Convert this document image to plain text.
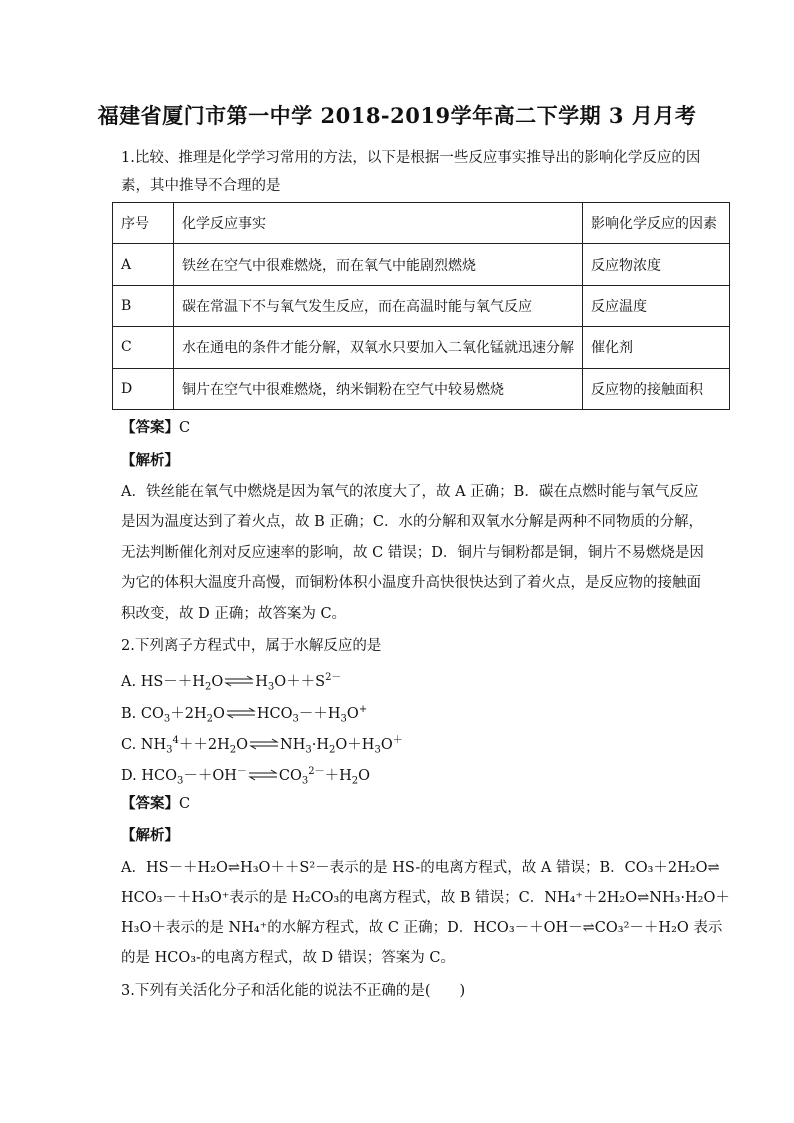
福建省厦门市第一中学 2018-2019学年高二下学期 3 月月考
1.比较、推理是化学学习常用的方法，以下是根据一些反应事实推导出的影响化学反应的因
素，其中推导不合理的是
序号	化学反应事实	影响化学反应的因素
A	铁丝在空气中很难燃烧，而在氧气中能剧烈燃烧	反应物浓度
B	碳在常温下不与氧气发生反应，而在高温时能与氧气反应	反应温度
C	水在通电的条件才能分解，双氧水只要加入二氧化锰就迅速分解	催化剂
D	铜片在空气中很难燃烧，纳米铜粉在空气中较易燃烧	反应物的接触面积
【答案】C
【解析】
A．铁丝能在氧气中燃烧是因为氧气的浓度大了，故 A 正确；B．碳在点燃时能与氧气反应
是因为温度达到了着火点，故 B 正确；C．水的分解和双氧水分解是两种不同物质的分解，
无法判断催化剂对反应速率的影响，故 C 错误；D．铜片与铜粉都是铜，铜片不易燃烧是因
为它的体积大温度升高慢，而铜粉体积小温度升高快很快达到了着火点，是反应物的接触面
积改变，故 D 正确；故答案为 C。
2.下列离子方程式中，属于水解反应的是
A. $HS-+H_2O\rightleftharpoons H_3O++S^{2-}$
B. $CO_3+2H_2O\rightleftharpoons HCO_3-+H_3O^+$
C. $NH_3^4++2H_2O\rightleftharpoons NH_3\cdot H_2O+H_3O^+$
D. $HCO_3-+OH^-\rightleftharpoons CO_3^{2-}+H_2O$
【答案】C
【解析】
A．HS－＋H₂O⇌H₃O＋＋S²－表示的是 HS-的电离方程式，故 A 错误；B．CO₃＋2H₂O⇌
HCO₃－＋H₃O⁺表示的是 H₂CO₃的电离方程式，故 B 错误；C．NH₄⁺＋2H₂O⇌NH₃·H₂O＋
H₃O＋表示的是 NH₄⁺的水解方程式，故 C 正确；D．HCO₃－＋OH－⇌CO₃²－＋H₂O 表示
的是 HCO₃-的电离方程式，故 D 错误；答案为 C。
3.下列有关活化分子和活化能的说法不正确的是(　　)
